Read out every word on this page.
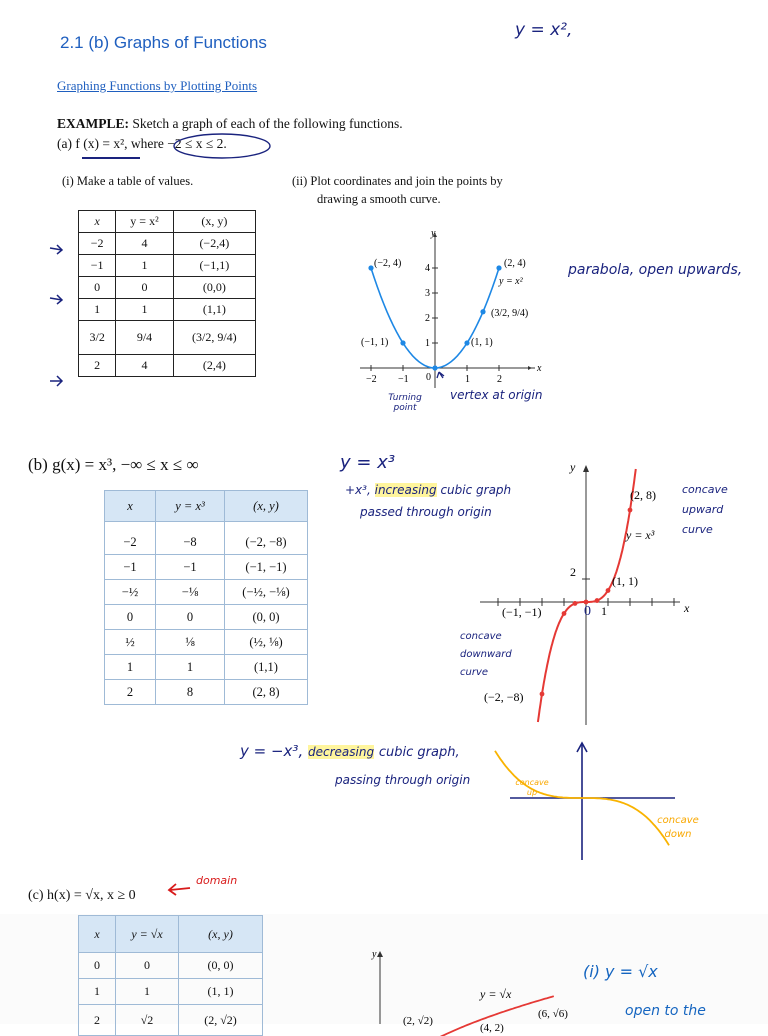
2.1 (b) Graphs of Functions
y = x²,
Graphing Functions by Plotting Points
EXAMPLE: Sketch a graph of each of the following functions.
(a) f (x) = x², where −2 ≤ x ≤ 2.
(i) Make a table of values.	(ii) Plot coordinates and join the points by
drawing a smooth curve.
x	y = x²	(x, y)
−2	4	(−2,4)
−1	1	(−1,1)
0	0	(0,0)
1	1	(1,1)
3/2	9/4	(3/2, 9/4)
2	4	(2,4)	x
y
−2 −1 0	1	2
1
2
3
4
(−2, 4)	(2, 4)
y = x²
(3/2, 9/4)
(−1, 1)	(1, 1)
parabola, open upwards,
Turning point
vertex at origin
(b) g(x) = x³, −∞ ≤ x ≤ ∞	y = x³
+x³, increasing cubic graph
passed through origin
x	y = x³	(x, y)

−2	−8	(−2, −8)
−1	−1	(−1, −1)
−½	−⅛	(−½, −⅛)
0	0	(0, 0)
½	⅛	(½, ⅛)
1	1	(1,1)
2	8	(2, 8)
x
y
(2, 8)
y = x³
(1, 1)
(−1, −1)
(−2, −8)
2
1
0
concave upward curve
concave downward curve
y = −x³, decreasing cubic graph,
passing through origin	concave up
concave down
(c) h(x) = √x, x ≥ 0
domain
x	y = √x	(x, y)
0	0	(0, 0)
1	1	(1, 1)
2	√2	(2, √2)
y
y = √x
(6, √6)
(2, √2)
(4, 2)
(i) y = √x
open to the
